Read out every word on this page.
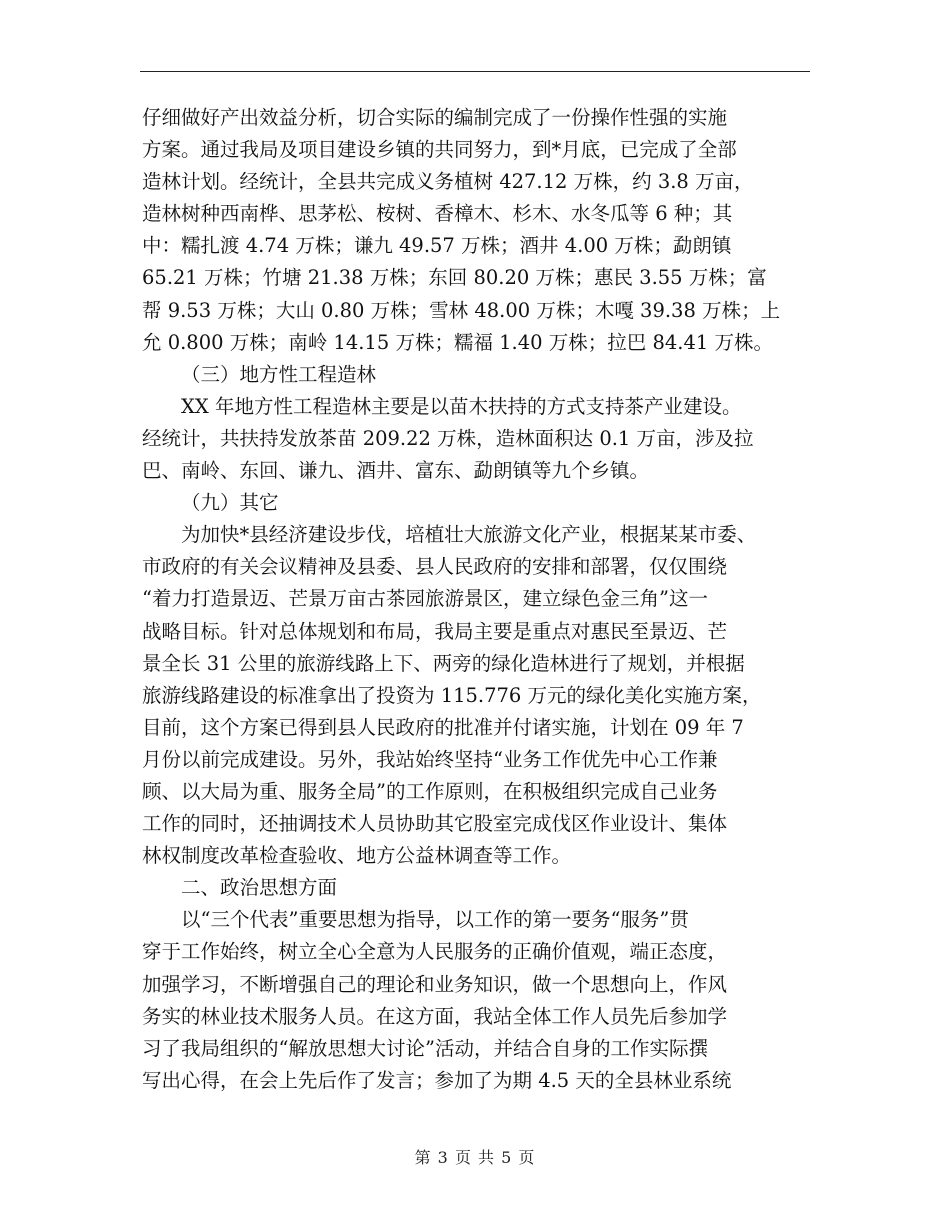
仔细做好产出效益分析，切合实际的编制完成了一份操作性强的实施
方案。通过我局及项目建设乡镇的共同努力，到*月底，已完成了全部
造林计划。经统计，全县共完成义务植树 427.12 万株，约 3.8 万亩，
造林树种西南桦、思茅松、桉树、香樟木、杉木、水冬瓜等 6 种；其
中：糯扎渡 4.74 万株；谦九 49.57 万株；酒井 4.00 万株；勐朗镇
65.21 万株；竹塘 21.38 万株；东回 80.20 万株；惠民 3.55 万株；富
帮 9.53 万株；大山 0.80 万株；雪林 48.00 万株；木嘎 39.38 万株；上
允 0.800 万株；南岭 14.15 万株；糯福 1.40 万株；拉巴 84.41 万株。
（三）地方性工程造林
XX 年地方性工程造林主要是以苗木扶持的方式支持茶产业建设。
经统计，共扶持发放茶苗 209.22 万株，造林面积达 0.1 万亩，涉及拉
巴、南岭、东回、谦九、酒井、富东、勐朗镇等九个乡镇。
（九）其它
为加快*县经济建设步伐，培植壮大旅游文化产业，根据某某市委、
市政府的有关会议精神及县委、县人民政府的安排和部署，仅仅围绕
“着力打造景迈、芒景万亩古茶园旅游景区，建立绿色金三角”这一
战略目标。针对总体规划和布局，我局主要是重点对惠民至景迈、芒
景全长 31 公里的旅游线路上下、两旁的绿化造林进行了规划，并根据
旅游线路建设的标准拿出了投资为 115.776 万元的绿化美化实施方案，
目前，这个方案已得到县人民政府的批准并付诸实施，计划在 09 年 7
月份以前完成建设。另外，我站始终坚持“业务工作优先中心工作兼
顾、以大局为重、服务全局”的工作原则，在积极组织完成自己业务
工作的同时，还抽调技术人员协助其它股室完成伐区作业设计、集体
林权制度改革检查验收、地方公益林调查等工作。
二、政治思想方面
以“三个代表”重要思想为指导，以工作的第一要务“服务”贯
穿于工作始终，树立全心全意为人民服务的正确价值观，端正态度，
加强学习，不断增强自己的理论和业务知识，做一个思想向上，作风
务实的林业技术服务人员。在这方面，我站全体工作人员先后参加学
习了我局组织的“解放思想大讨论”活动，并结合自身的工作实际撰
写出心得，在会上先后作了发言；参加了为期 4.5 天的全县林业系统
第 3 页 共 5 页
